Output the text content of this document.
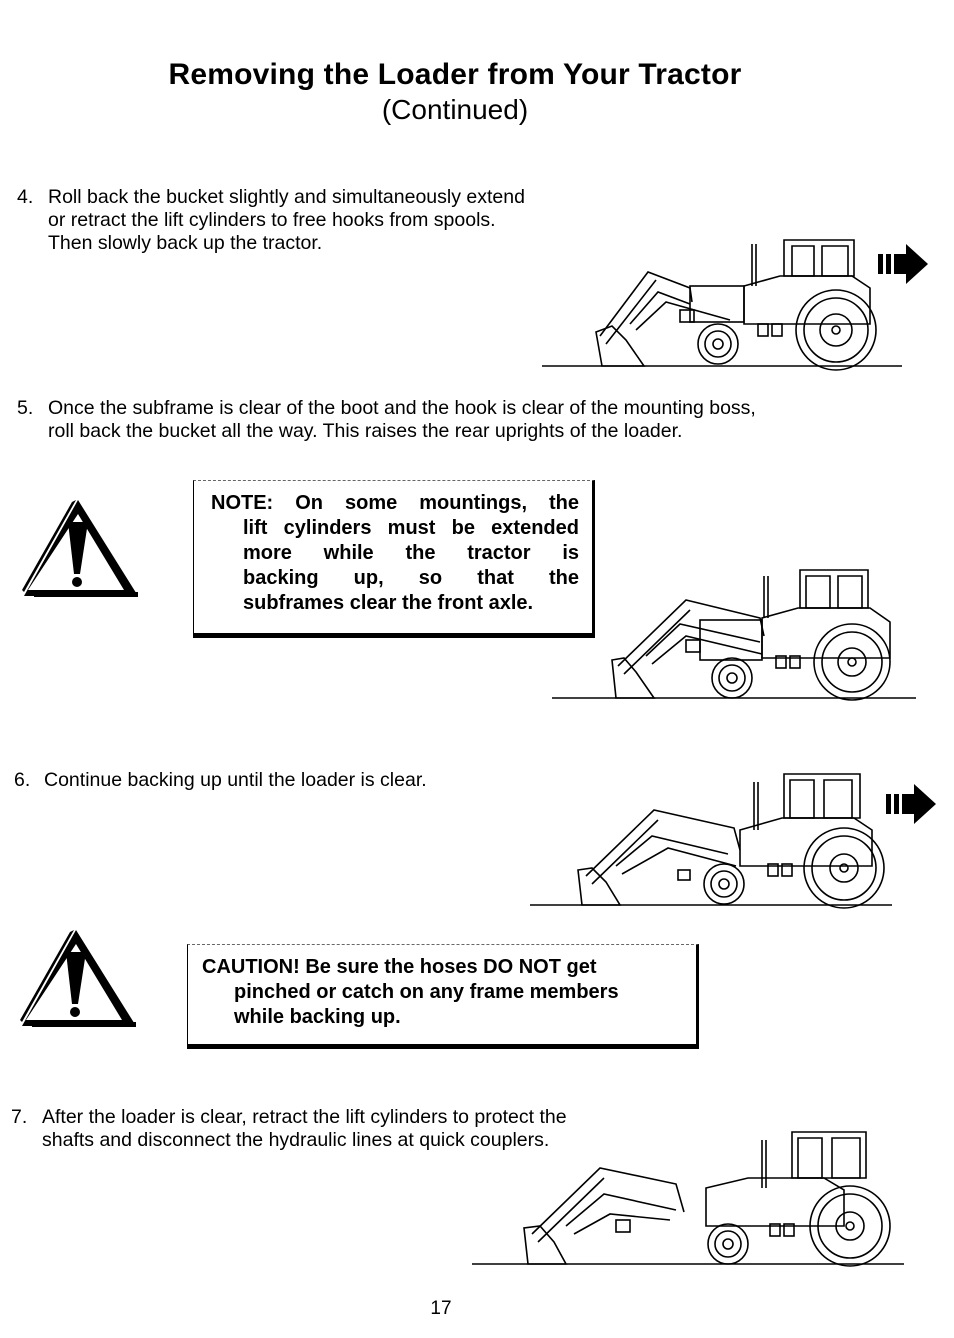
Removing the Loader from Your Tractor
(Continued)
4. Roll back the bucket slightly and simultaneously extend
or retract the lift cylinders to free hooks from spools.
Then slowly back up the tractor.
5. Once the subframe is clear of the boot and the hook is clear of the mounting boss,
roll back the bucket all the way. This raises the rear uprights of the loader.
6. Continue backing up until the loader is clear.
7. After the loader is clear, retract the lift cylinders to protect the
shafts and disconnect the hydraulic lines at quick couplers.
NOTE: On some mountings, the
lift cylinders must be extended
more while the tractor is
backing up, so that the
subframes clear the front axle.
CAUTION! Be sure the hoses DO NOT get
pinched or catch on any frame members
while backing up.
17
